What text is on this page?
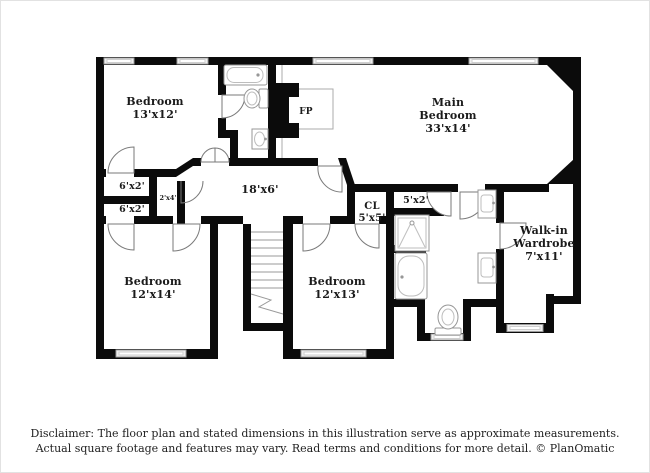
Bedroom
13'x12'
Main
Bedroom
33'x14'
Bedroom
12'x14'
Bedroom
12'x13'
18'x6'
6'x2'
6'x2'
2'x4'
CL
5'x5'
5'x2'
Walk-in
Wardrobe
7'x11'
FP
Disclaimer: The floor plan and stated dimensions in this illustration serve as approximate measurements.
Actual square footage and features may vary. Read terms and conditions for more detail. © PlanOmatic
